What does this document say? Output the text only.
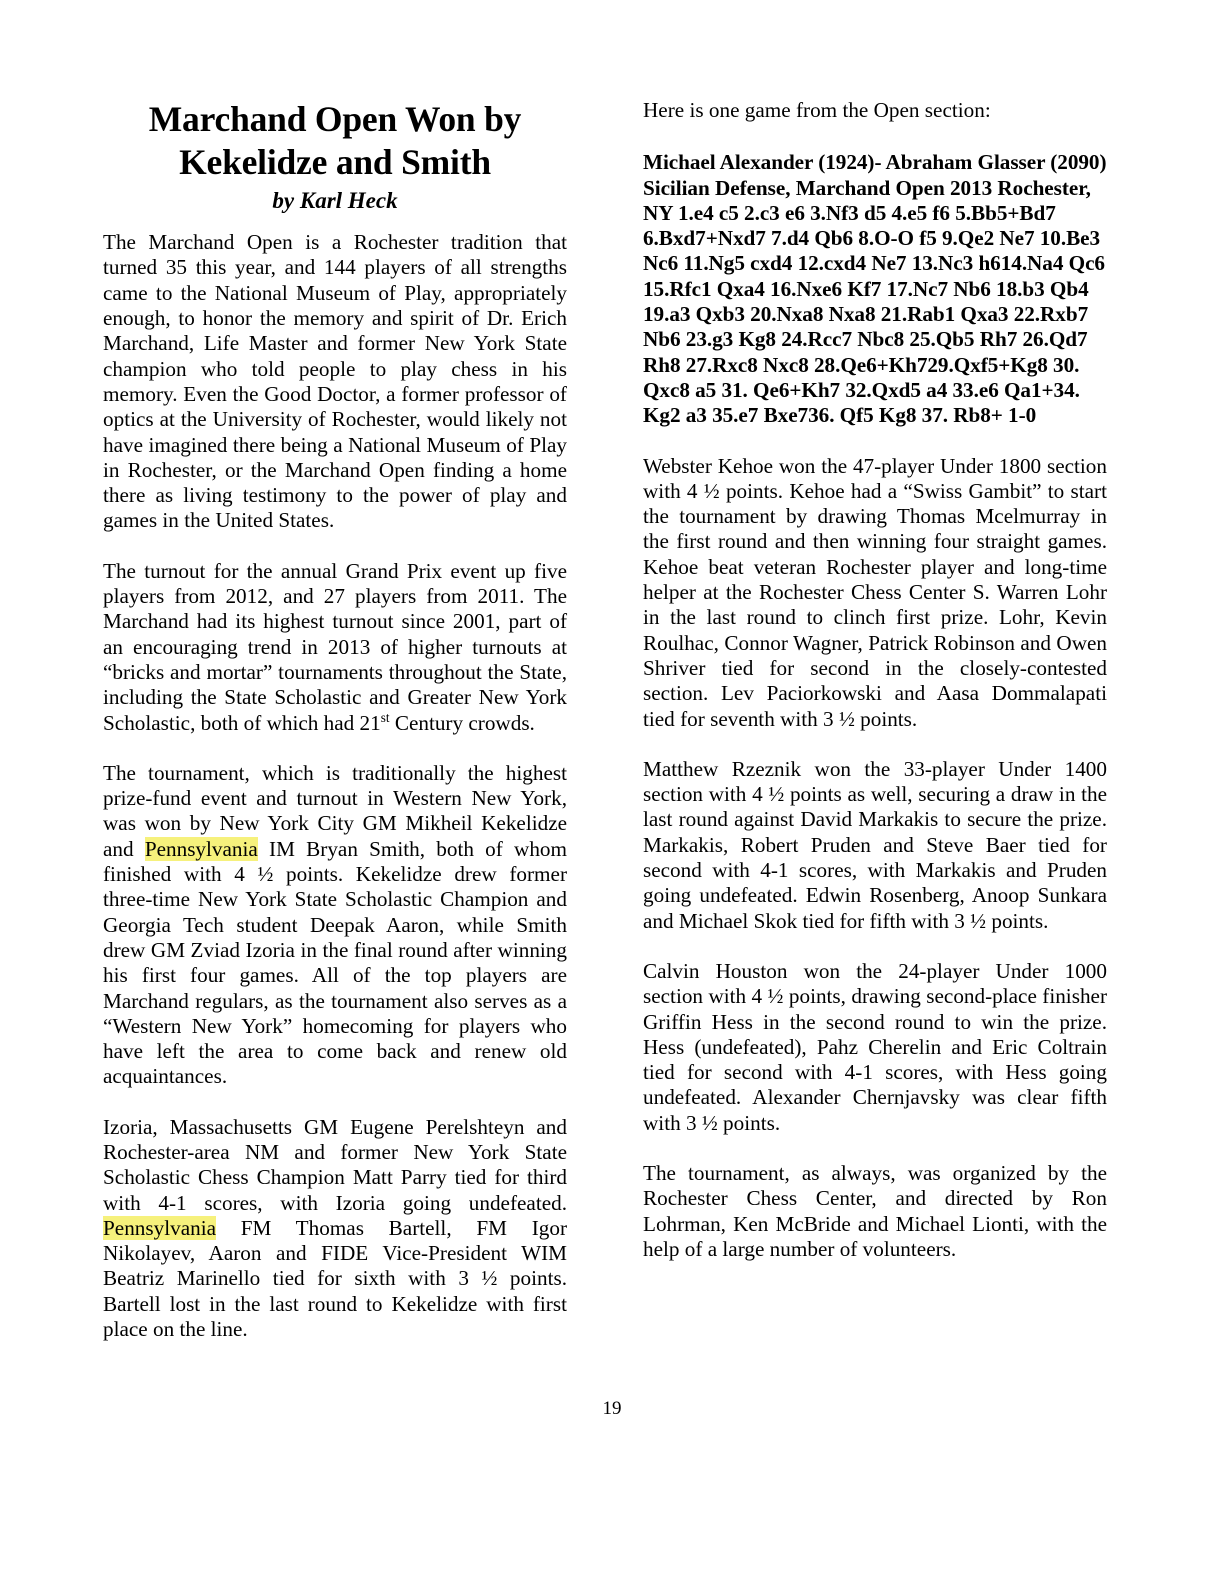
Marchand Open Won by
Kekelidze and Smith
by Karl Heck

The Marchand Open is a Rochester tradition that turned 35 this year, and 144 players of all strengths came to the National Museum of Play, appropriately enough, to honor the memory and spirit of Dr. Erich Marchand, Life Master and former New York State champion who told people to play chess in his memory. Even the Good Doctor, a former professor of optics at the University of Rochester, would likely not have imagined there being a National Museum of Play in Rochester, or the Marchand Open finding a home there as living testimony to the power of play and games in the United States.

The turnout for the annual Grand Prix event up five players from 2012, and 27 players from 2011. The Marchand had its highest turnout since 2001, part of an encouraging trend in 2013 of higher turnouts at “bricks and mortar” tournaments throughout the State, including the State Scholastic and Greater New York Scholastic, both of which had 21st Century crowds.

The tournament, which is traditionally the highest prize-fund event and turnout in Western New York, was won by New York City GM Mikheil Kekelidze and Pennsylvania IM Bryan Smith, both of whom finished with 4 ½ points. Kekelidze drew former three-time New York State Scholastic Champion and Georgia Tech student Deepak Aaron, while Smith drew GM Zviad Izoria in the final round after winning his first four games. All of the top players are Marchand regulars, as the tournament also serves as a “Western New York” homecoming for players who have left the area to come back and renew old acquaintances.

Izoria, Massachusetts GM Eugene Perelshteyn and Rochester-area NM and former New York State Scholastic Chess Champion Matt Parry tied for third with 4-1 scores, with Izoria going undefeated. Pennsylvania FM Thomas Bartell, FM Igor Nikolayev, Aaron and FIDE Vice-President WIM Beatriz Marinello tied for sixth with 3 ½ points. Bartell lost in the last round to Kekelidze with first place on the line.

Here is one game from the Open section:

Michael Alexander (1924)- Abraham Glasser (2090) Sicilian Defense, Marchand Open 2013 Rochester, NY 1.e4 c5 2.c3 e6 3.Nf3 d5 4.e5 f6 5.Bb5+Bd7 6.Bxd7+Nxd7 7.d4 Qb6 8.O-O f5 9.Qe2 Ne7 10.Be3 Nc6 11.Ng5 cxd4 12.cxd4 Ne7 13.Nc3 h614.Na4 Qc6 15.Rfc1 Qxa4 16.Nxe6 Kf7 17.Nc7 Nb6 18.b3 Qb4 19.a3 Qxb3 20.Nxa8 Nxa8 21.Rab1 Qxa3 22.Rxb7 Nb6 23.g3 Kg8 24.Rcc7 Nbc8 25.Qb5 Rh7 26.Qd7 Rh8 27.Rxc8 Nxc8 28.Qe6+Kh729.Qxf5+Kg8 30. Qxc8 a5 31. Qe6+Kh7 32.Qxd5 a4 33.e6 Qa1+34. Kg2 a3 35.e7 Bxe736. Qf5 Kg8 37. Rb8+ 1-0

Webster Kehoe won the 47-player Under 1800 section with 4 ½ points. Kehoe had a “Swiss Gambit” to start the tournament by drawing Thomas Mcelmurray in the first round and then winning four straight games. Kehoe beat veteran Rochester player and long-time helper at the Rochester Chess Center S. Warren Lohr in the last round to clinch first prize. Lohr, Kevin Roulhac, Connor Wagner, Patrick Robinson and Owen Shriver tied for second in the closely-contested section. Lev Paciorkowski and Aasa Dommalapati tied for seventh with 3 ½ points.

Matthew Rzeznik won the 33-player Under 1400 section with 4 ½ points as well, securing a draw in the last round against David Markakis to secure the prize. Markakis, Robert Pruden and Steve Baer tied for second with 4-1 scores, with Markakis and Pruden going undefeated. Edwin Rosenberg, Anoop Sunkara and Michael Skok tied for fifth with 3 ½ points.

Calvin Houston won the 24-player Under 1000 section with 4 ½ points, drawing second-place finisher Griffin Hess in the second round to win the prize. Hess (undefeated), Pahz Cherelin and Eric Coltrain tied for second with 4-1 scores, with Hess going undefeated. Alexander Chernjavsky was clear fifth with 3 ½ points.

The tournament, as always, was organized by the Rochester Chess Center, and directed by Ron Lohrman, Ken McBride and Michael Lionti, with the help of a large number of volunteers.

19
